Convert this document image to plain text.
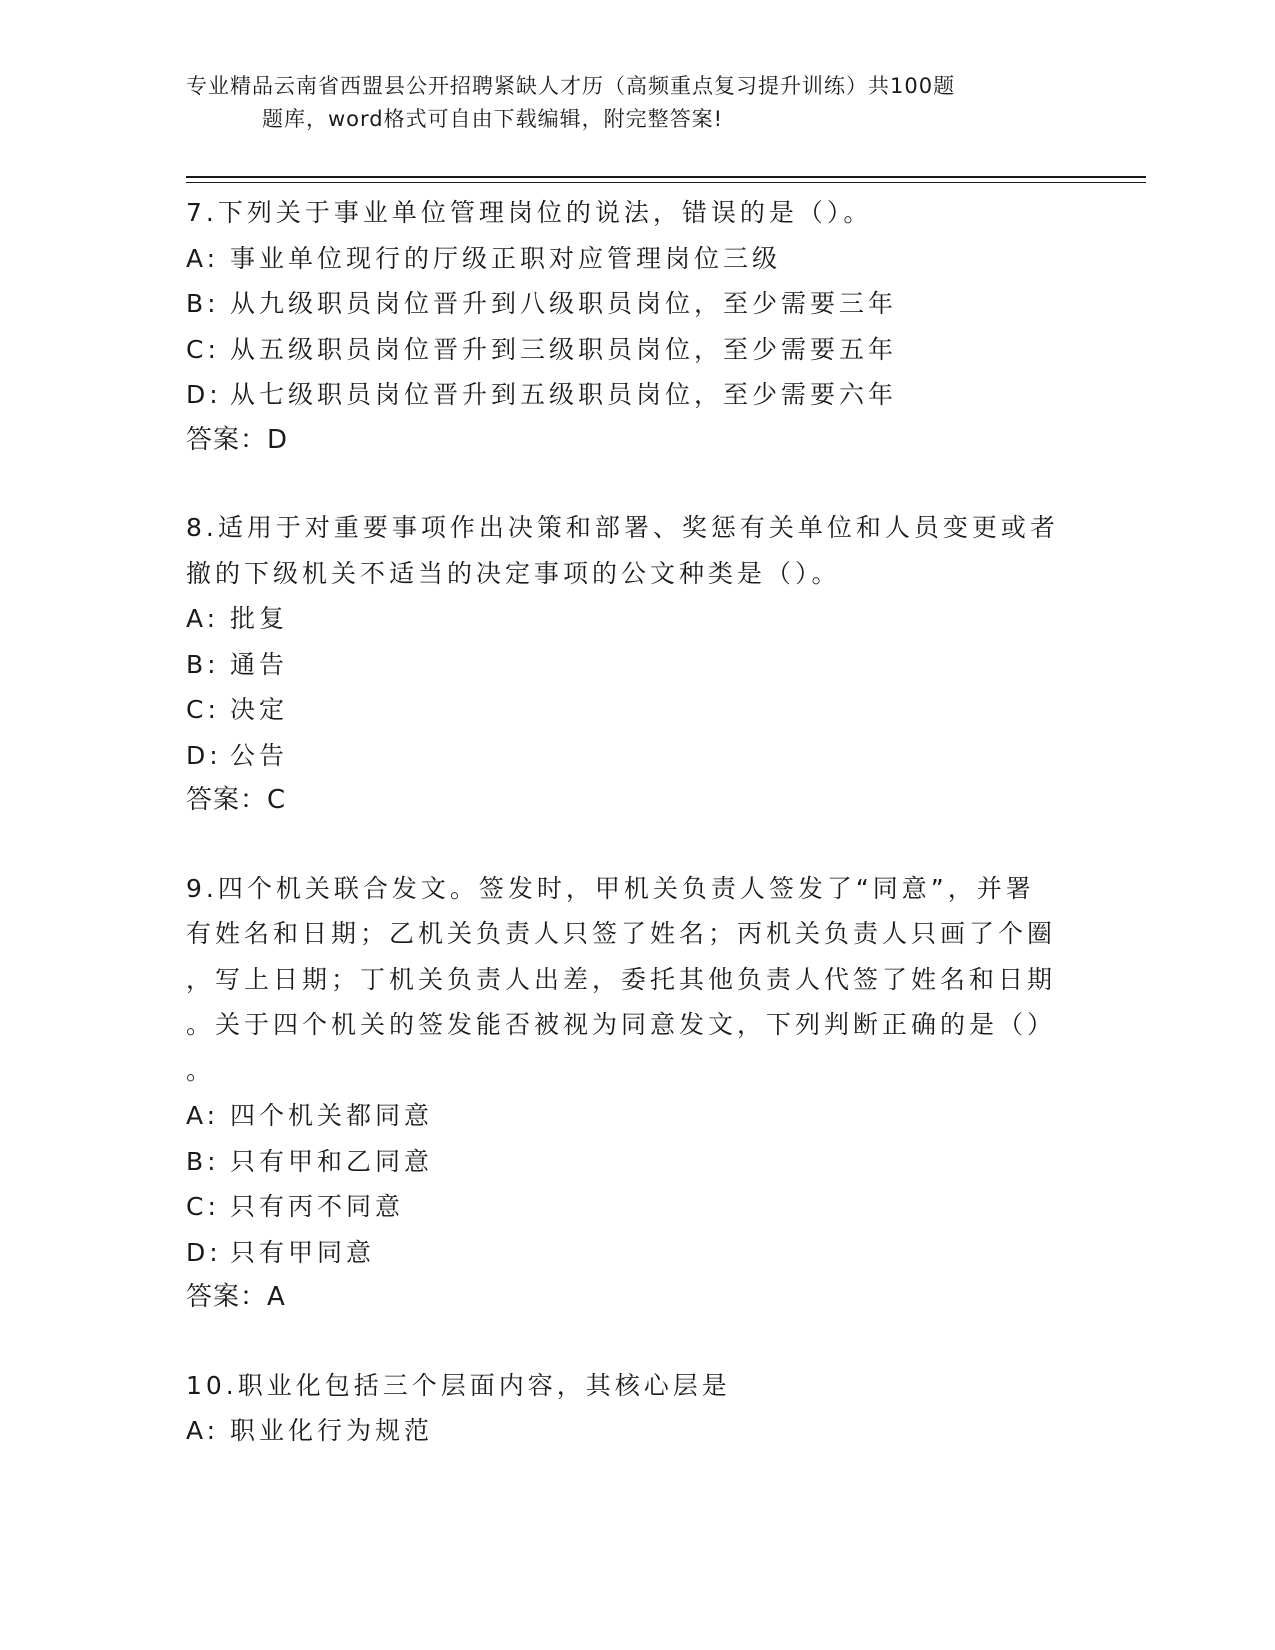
专业精品云南省西盟县公开招聘紧缺人才历（高频重点复习提升训练）共100题
题库，word格式可自由下载编辑，附完整答案!

7.下列关于事业单位管理岗位的说法，错误的是（）。

A: 事业单位现行的厅级正职对应管理岗位三级

B: 从九级职员岗位晋升到八级职员岗位，至少需要三年

C: 从五级职员岗位晋升到三级职员岗位，至少需要五年

D: 从七级职员岗位晋升到五级职员岗位，至少需要六年

答案：D

8.适用于对重要事项作出决策和部署、奖惩有关单位和人员变更或者

撤的下级机关不适当的决定事项的公文种类是（）。

A: 批复

B: 通告

C: 决定

D: 公告

答案：C

9.四个机关联合发文。签发时，甲机关负责人签发了“同意”，并署

有姓名和日期；乙机关负责人只签了姓名；丙机关负责人只画了个圈

，写上日期；丁机关负责人出差，委托其他负责人代签了姓名和日期

。关于四个机关的签发能否被视为同意发文，下列判断正确的是（）

。

A: 四个机关都同意

B: 只有甲和乙同意

C: 只有丙不同意

D: 只有甲同意

答案：A

10.职业化包括三个层面内容，其核心层是

A: 职业化行为规范
